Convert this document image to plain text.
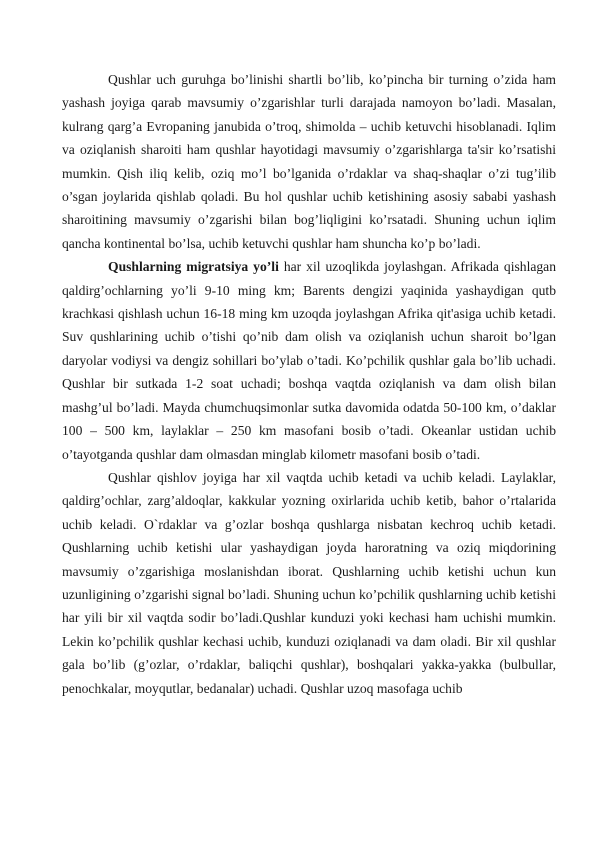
Qushlar uch guruhga bo’linishi shartli bo’lib, ko’pincha bir turning o’zida ham yashash joyiga qarab mavsumiy o’zgarishlar turli darajada namoyon bo’ladi. Masalan, kulrang qarg’a Evropaning janubida o’troq, shimolda – uchib ketuvchi hisoblanadi. Iqlim va oziqlanish sharoiti ham qushlar hayotidagi mavsumiy o’zgarishlarga ta'sir ko’rsatishi mumkin. Qish iliq kelib, oziq mo’l bo’lganida o’rdaklar va shaq-shaqlar o’zi tug’ilib o’sgan joylarida qishlab qoladi. Bu hol qushlar uchib ketishining asosiy sababi yashash sharoitining mavsumiy o’zgarishi bilan bog’liqligini ko’rsatadi. Shuning uchun iqlim qancha kontinental bo’lsa, uchib ketuvchi qushlar ham shuncha ko’p bo’ladi.

Qushlarning migratsiya yo’li har xil uzoqlikda joylashgan. Afrikada qishlagan qaldirg’ochlarning yo’li 9-10 ming km; Barents dengizi yaqinida yashaydigan qutb krachkasi qishlash uchun 16-18 ming km uzoqda joylashgan Afrika qit'asiga uchib ketadi. Suv qushlarining uchib o’tishi qo’nib dam olish va oziqlanish uchun sharoit bo’lgan daryolar vodiysi va dengiz sohillari bo’ylab o’tadi. Ko’pchilik qushlar gala bo’lib uchadi. Qushlar bir sutkada 1-2 soat uchadi; boshqa vaqtda oziqlanish va dam olish bilan mashg’ul bo’ladi. Mayda chumchuqsimonlar sutka davomida odatda 50-100 km, o’daklar 100 – 500 km, laylaklar – 250 km masofani bosib o’tadi. Okeanlar ustidan uchib o’tayotganda qushlar dam olmasdan minglab kilometr masofani bosib o’tadi.

Qushlar qishlov joyiga har xil vaqtda uchib ketadi va uchib keladi. Laylaklar, qaldirg’ochlar, zarg’aldoqlar, kakkular yozning oxirlarida uchib ketib, bahor o’rtalarida uchib keladi. O`rdaklar va g’ozlar boshqa qushlarga nisbatan kechroq uchib ketadi. Qushlarning uchib ketishi ular yashaydigan joyda haroratning va oziq miqdorining mavsumiy o’zgarishiga moslanishdan iborat. Qushlarning uchib ketishi uchun kun uzunligining o’zgarishi signal bo’ladi. Shuning uchun ko’pchilik qushlarning uchib ketishi har yili bir xil vaqtda sodir bo’ladi.Qushlar kunduzi yoki kechasi ham uchishi mumkin. Lekin ko’pchilik qushlar kechasi uchib, kunduzi oziqlanadi va dam oladi. Bir xil qushlar gala bo’lib (g’ozlar, o’rdaklar, baliqchi qushlar), boshqalari yakka-yakka (bulbullar, penochkalar, moyqutlar, bedanalar) uchadi. Qushlar uzoq masofaga uchib
